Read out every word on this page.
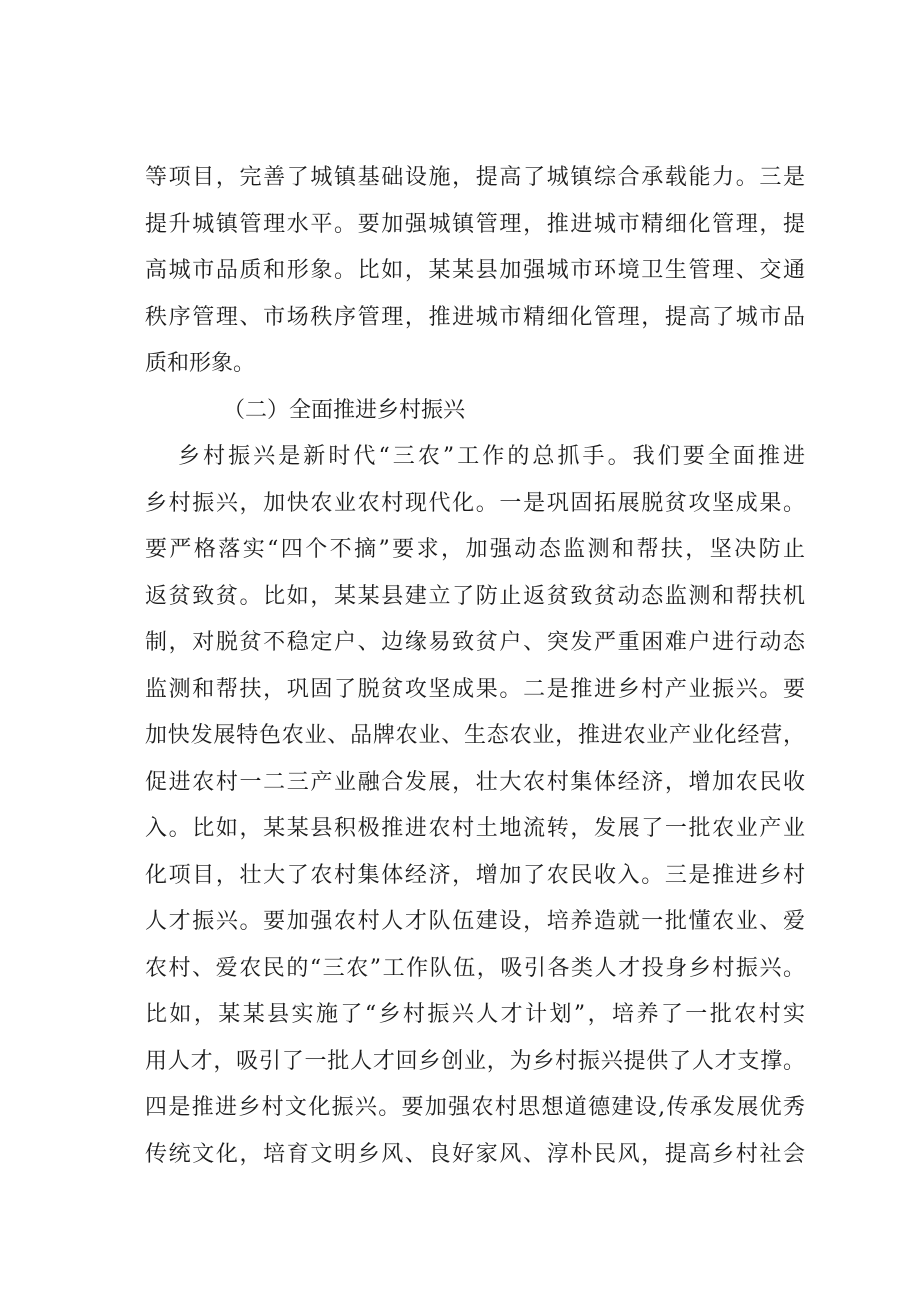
等项目，完善了城镇基础设施，提高了城镇综合承载能力。三是
提升城镇管理水平。要加强城镇管理，推进城市精细化管理，提
高城市品质和形象。比如，某某县加强城市环境卫生管理、交通
秩序管理、市场秩序管理，推进城市精细化管理，提高了城市品
质和形象。
（二）全面推进乡村振兴
乡村振兴是新时代“三农”工作的总抓手。我们要全面推进
乡村振兴，加快农业农村现代化。一是巩固拓展脱贫攻坚成果。
要严格落实“四个不摘”要求，加强动态监测和帮扶，坚决防止
返贫致贫。比如，某某县建立了防止返贫致贫动态监测和帮扶机
制，对脱贫不稳定户、边缘易致贫户、突发严重困难户进行动态
监测和帮扶，巩固了脱贫攻坚成果。二是推进乡村产业振兴。要
加快发展特色农业、品牌农业、生态农业，推进农业产业化经营，
促进农村一二三产业融合发展，壮大农村集体经济，增加农民收
入。比如，某某县积极推进农村土地流转，发展了一批农业产业
化项目，壮大了农村集体经济，增加了农民收入。三是推进乡村
人才振兴。要加强农村人才队伍建设，培养造就一批懂农业、爱
农村、爱农民的“三农”工作队伍，吸引各类人才投身乡村振兴。
比如，某某县实施了“乡村振兴人才计划”，培养了一批农村实
用人才，吸引了一批人才回乡创业，为乡村振兴提供了人才支撑。
四是推进乡村文化振兴。要加强农村思想道德建设,传承发展优秀
传统文化，培育文明乡风、良好家风、淳朴民风，提高乡村社会
